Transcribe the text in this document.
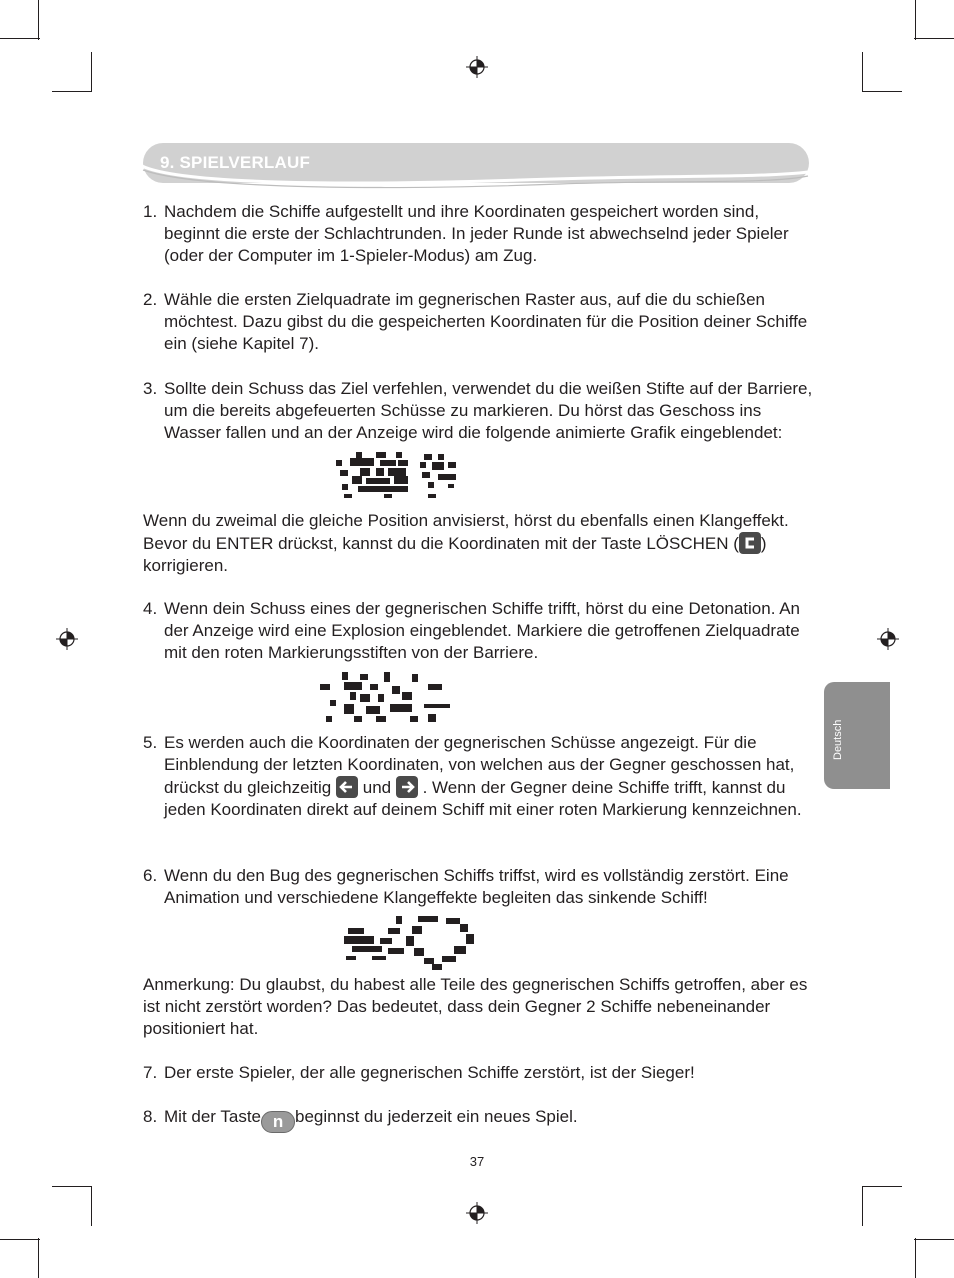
9. SPIELVERLAUF
1. Nachdem die Schiffe aufgestellt und ihre Koordinaten gespeichert worden sind, beginnt die erste der Schlachtrunden. In jeder Runde ist abwechselnd jeder Spieler (oder der Computer im 1-Spieler-Modus) am Zug.
2. Wähle die ersten Zielquadrate im gegnerischen Raster aus, auf die du schießen möchtest. Dazu gibst du die gespeicherten Koordinaten für die Position deiner Schiffe ein (siehe Kapitel 7).
3. Sollte dein Schuss das Ziel verfehlen, verwendet du die weißen Stifte auf der Barriere, um die bereits abgefeuerten Schüsse zu markieren. Du hörst das Geschoss ins Wasser fallen und an der Anzeige wird die folgende animierte Grafik eingeblendet:
Wenn du zweimal die gleiche Position anvisierst, hörst du ebenfalls einen Klangeffekt. Bevor du ENTER drückst, kannst du die Koordinaten mit der Taste LÖSCHEN ( ) korrigieren.
4. Wenn dein Schuss eines der gegnerischen Schiffe trifft, hörst du eine Detonation. An der Anzeige wird eine Explosion eingeblendet. Markiere die getroffenen Zielquadrate mit den roten Markierungsstiften von der Barriere.
5. Es werden auch die Koordinaten der gegnerischen Schüsse angezeigt. Für die Einblendung der letzten Koordinaten, von welchen aus der Gegner geschossen hat, drückst du gleichzeitig und . Wenn der Gegner deine Schiffe trifft, kannst du jeden Koordinaten direkt auf deinem Schiff mit einer roten Markierung kennzeichnen.
6. Wenn du den Bug des gegnerischen Schiffs triffst, wird es vollständig zerstört. Eine Animation und verschiedene Klangeffekte begleiten das sinkende Schiff!
Anmerkung: Du glaubst, du habest alle Teile des gegnerischen Schiffs getroffen, aber es ist nicht zerstört worden? Das bedeutet, dass dein Gegner 2 Schiffe nebeneinander positioniert hat.
7. Der erste Spieler, der alle gegnerischen Schiffe zerstört, ist der Sieger!
8. Mit der Taste n beginnst du jederzeit ein neues Spiel.
Deutsch
37
